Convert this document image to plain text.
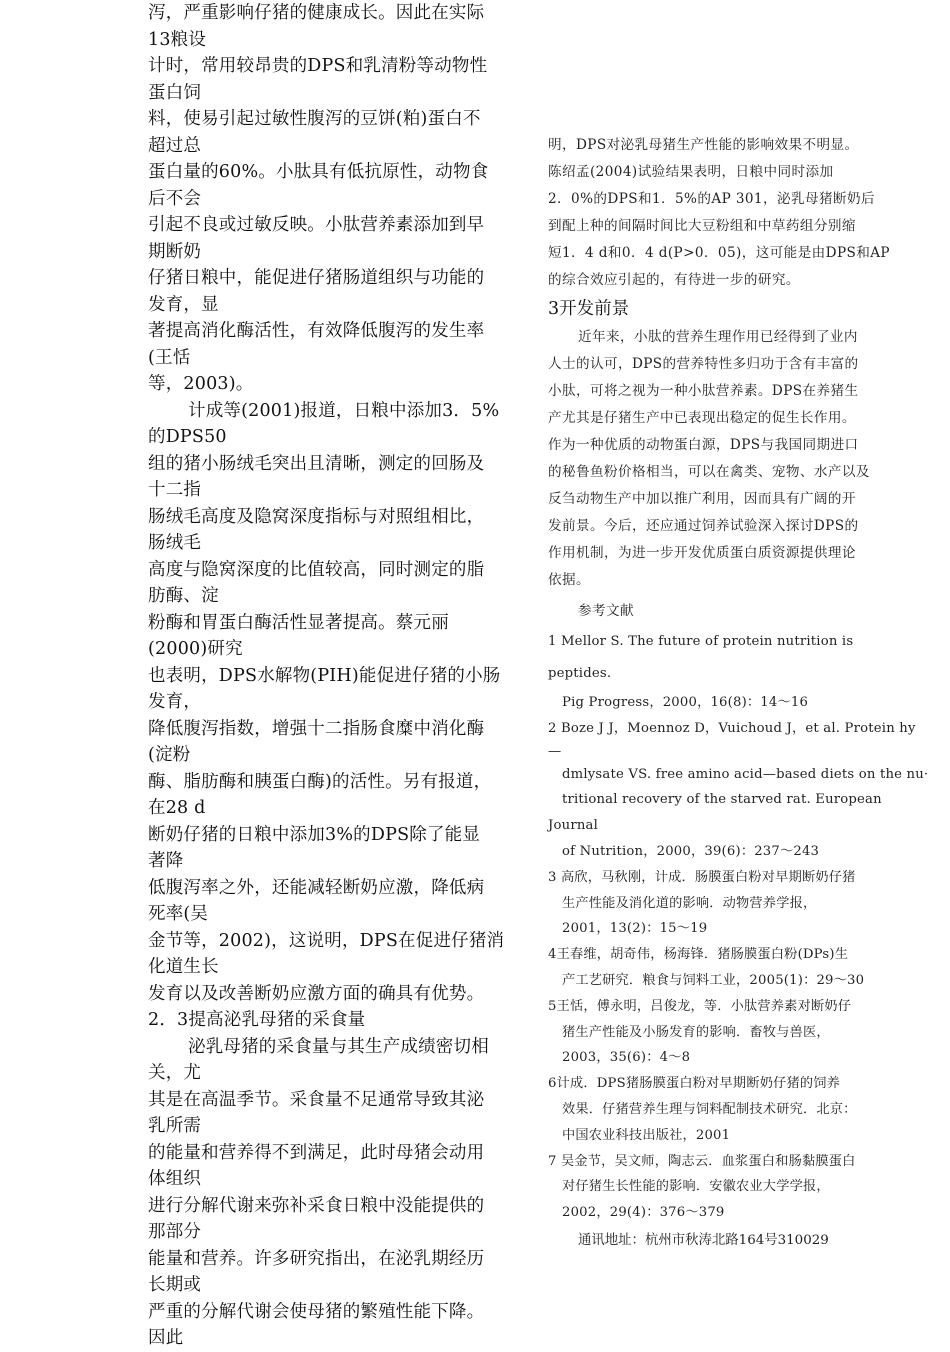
泻，严重影响仔猪的健康成长。因此在实际
13粮设
计时，常用较昂贵的DPS和乳清粉等动物性
蛋白饲
料，使易引起过敏性腹泻的豆饼(粕)蛋白不
超过总
蛋白量的60%。小肽具有低抗原性，动物食
后不会
引起不良或过敏反映。小肽营养素添加到早
期断奶
仔猪日粮中，能促进仔猪肠道组织与功能的
发育，显
著提高消化酶活性，有效降低腹泻的发生率
(王恬
等，2003)。
计成等(2001)报道，日粮中添加3．5%
的DPS50
组的猪小肠绒毛突出且清晰，测定的回肠及
十二指
肠绒毛高度及隐窝深度指标与对照组相比，
肠绒毛
高度与隐窝深度的比值较高，同时测定的脂
肪酶、淀
粉酶和胃蛋白酶活性显著提高。蔡元丽
(2000)研究
也表明，DPS水解物(PIH)能促进仔猪的小肠
发育，
降低腹泻指数，增强十二指肠食糜中消化酶
(淀粉
酶、脂肪酶和胰蛋白酶)的活性。另有报道，
在28 d
断奶仔猪的日粮中添加3%的DPS除了能显
著降
低腹泻率之外，还能减轻断奶应激，降低病
死率(吴
金节等，2002)，这说明，DPS在促进仔猪消
化道生长
发育以及改善断奶应激方面的确具有优势。
2．3提高泌乳母猪的采食量
泌乳母猪的采食量与其生产成绩密切相
关，尤
其是在高温季节。采食量不足通常导致其泌
乳所需
的能量和营养得不到满足，此时母猪会动用
体组织
进行分解代谢来弥补采食日粮中没能提供的
那部分
能量和营养。许多研究指出，在泌乳期经历
长期或
严重的分解代谢会使母猪的繁殖性能下降。
因此
明，DPS对泌乳母猪生产性能的影响效果不明显。
陈绍孟(2004)试验结果表明，日粮中同时添加
2．0%的DPS和1．5%的AP 301，泌乳母猪断奶后
到配上种的间隔时间比大豆粉组和中草药组分别缩
短1．4 d和0．4 d(P>0．05)，这可能是由DPS和AP
的综合效应引起的，有待进一步的研究。
3开发前景
近年来，小肽的营养生理作用已经得到了业内
人士的认可，DPS的营养特性多归功于含有丰富的
小肽，可将之视为一种小肽营养素。DPS在养猪生
产尤其是仔猪生产中已表现出稳定的促生长作用。
作为一种优质的动物蛋白源，DPS与我国同期进口
的秘鲁鱼粉价格相当，可以在禽类、宠物、水产以及
反刍动物生产中加以推广利用，因而具有广阔的开
发前景。今后，还应通过饲养试验深入探讨DPS的
作用机制，为进一步开发优质蛋白质资源提供理论
依据。
参考文献
1 Mellor S. The future of protein nutrition is
peptides.
Pig Progress，2000，16(8)：14～16
2 Boze J J，Moennoz D，Vuichoud J，et al. Protein hy
—
dmlysate VS. free amino acid—based diets on the nu·
tritional recovery of the starved rat. European
Journal
of Nutrition，2000，39(6)：237～243
3 高欣，马秋刚，计成．肠膜蛋白粉对早期断奶仔猪
生产性能及消化道的影响．动物营养学报，
2001，13(2)：15～19
4王春维，胡奇伟，杨海锋．猪肠膜蛋白粉(DPs)生
产工艺研究．粮食与饲料工业，2005(1)：29～30
5王恬，傅永明，吕俊龙，等．小肽营养素对断奶仔
猪生产性能及小肠发育的影响．畜牧与兽医，
2003，35(6)：4～8
6计成．DPS猪肠膜蛋白粉对早期断奶仔猪的饲养
效果．仔猪营养生理与饲料配制技术研究．北京：
中国农业科技出版社，2001
7 吴金节，吴文师，陶志云．血浆蛋白和肠黏膜蛋白
对仔猪生长性能的影响．安徽农业大学学报，
2002，29(4)：376～379
通讯地址：杭州市秋涛北路164号310029
